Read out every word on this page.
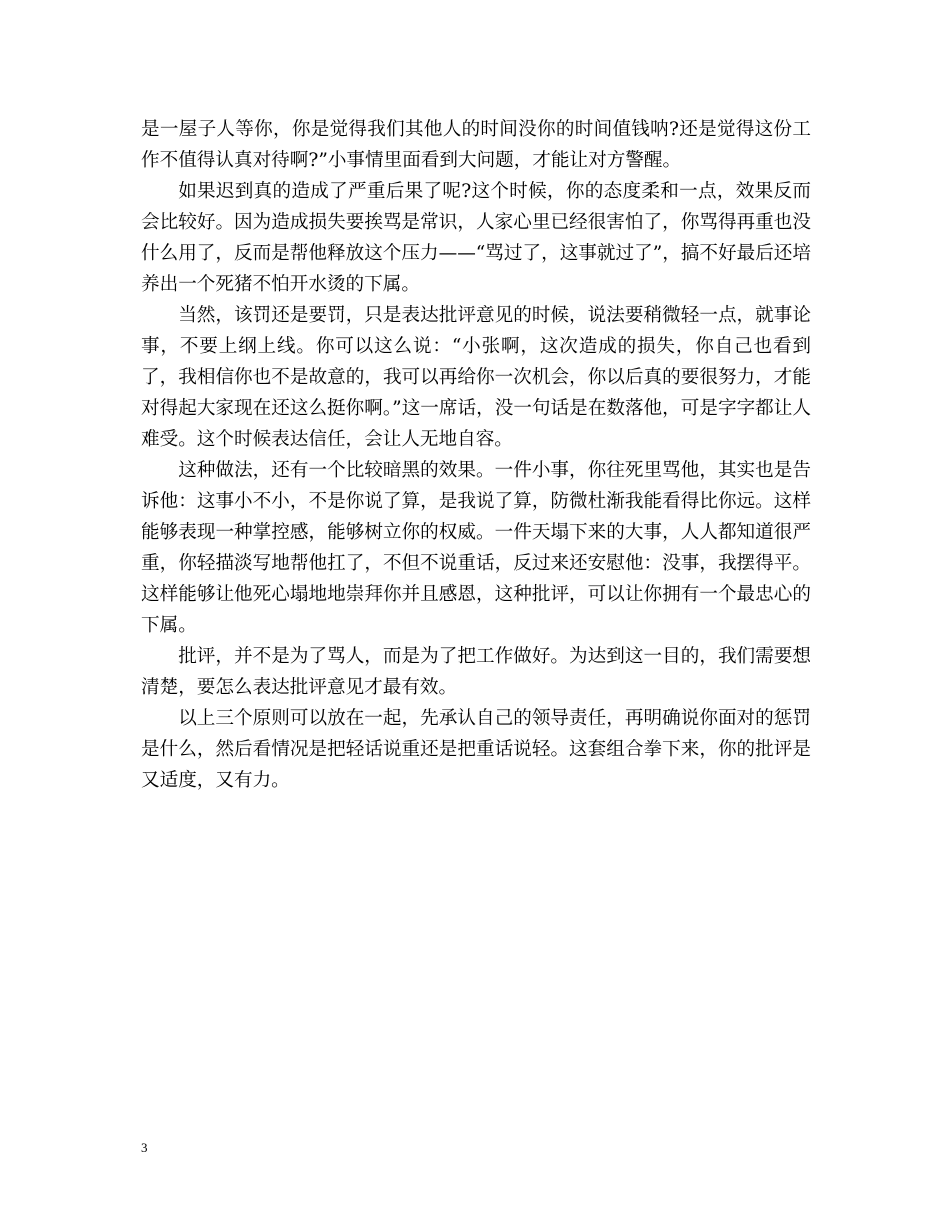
是一屋子人等你，你是觉得我们其他人的时间没你的时间值钱呐?还是觉得这份工作不值得认真对待啊?”小事情里面看到大问题，才能让对方警醒。

如果迟到真的造成了严重后果了呢?这个时候，你的态度柔和一点，效果反而会比较好。因为造成损失要挨骂是常识，人家心里已经很害怕了，你骂得再重也没什么用了，反而是帮他释放这个压力——“骂过了，这事就过了”，搞不好最后还培养出一个死猪不怕开水烫的下属。

当然，该罚还是要罚，只是表达批评意见的时候，说法要稍微轻一点，就事论事，不要上纲上线。你可以这么说：“小张啊，这次造成的损失，你自己也看到了，我相信你也不是故意的，我可以再给你一次机会，你以后真的要很努力，才能对得起大家现在还这么挺你啊。”这一席话，没一句话是在数落他，可是字字都让人难受。这个时候表达信任，会让人无地自容。

这种做法，还有一个比较暗黑的效果。一件小事，你往死里骂他，其实也是告诉他：这事小不小，不是你说了算，是我说了算，防微杜渐我能看得比你远。这样能够表现一种掌控感，能够树立你的权威。一件天塌下来的大事，人人都知道很严重，你轻描淡写地帮他扛了，不但不说重话，反过来还安慰他：没事，我摆得平。这样能够让他死心塌地地崇拜你并且感恩，这种批评，可以让你拥有一个最忠心的下属。

批评，并不是为了骂人，而是为了把工作做好。为达到这一目的，我们需要想清楚，要怎么表达批评意见才最有效。

以上三个原则可以放在一起，先承认自己的领导责任，再明确说你面对的惩罚是什么，然后看情况是把轻话说重还是把重话说轻。这套组合拳下来，你的批评是又适度，又有力。

3
